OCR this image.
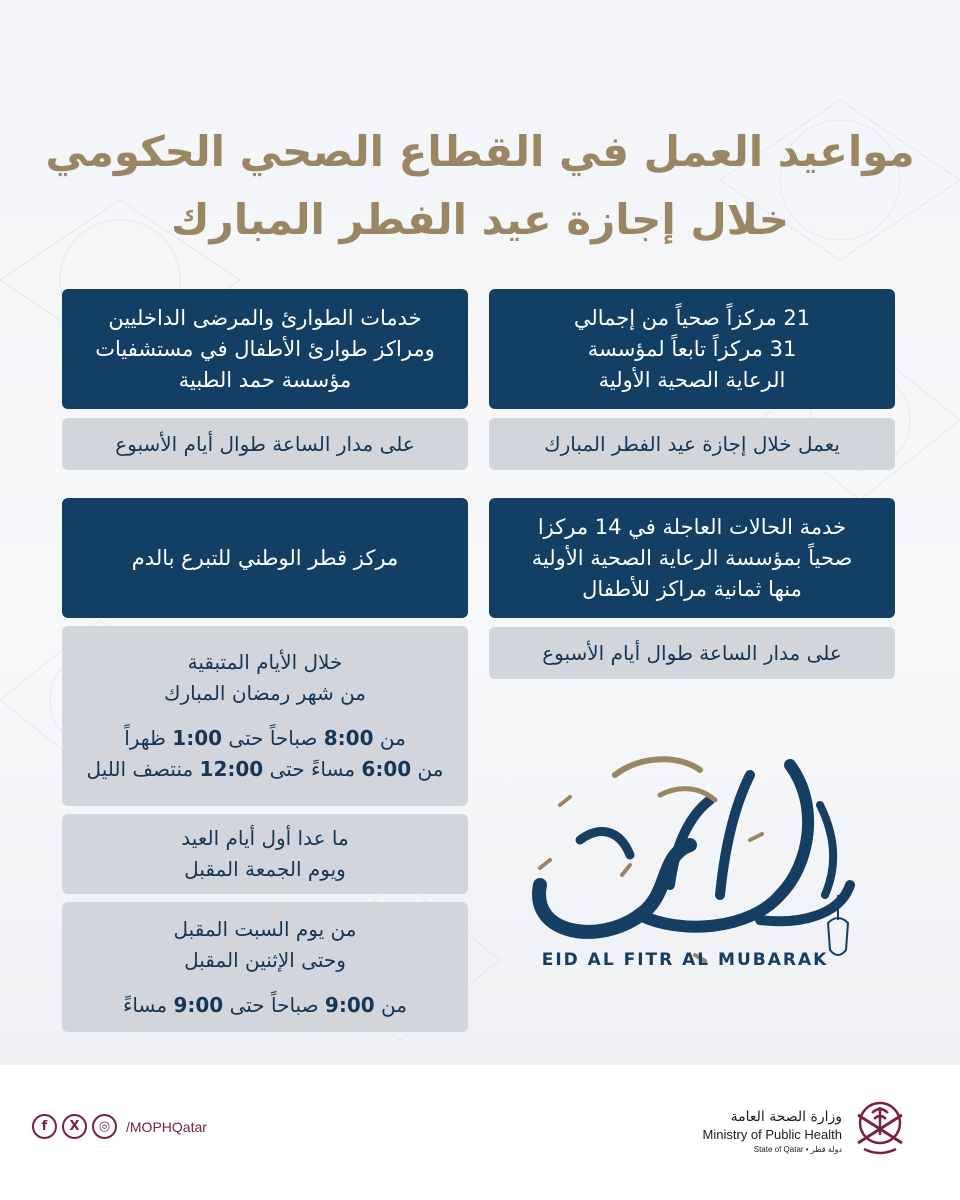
مواعيد العمل في القطاع الصحي الحكومي
خلال إجازة عيد الفطر المبارك
21 مركزاً صحياً من إجمالي
31 مركزاً تابعاً لمؤسسة
الرعاية الصحية الأولية
يعمل خلال إجازة عيد الفطر المبارك
خدمات الطوارئ والمرضى الداخليين
ومراكز طوارئ الأطفال في مستشفيات
مؤسسة حمد الطبية
على مدار الساعة طوال أيام الأسبوع
خدمة الحالات العاجلة في 14 مركزا
صحياً بمؤسسة الرعاية الصحية الأولية
منها ثمانية مراكز للأطفال
على مدار الساعة طوال أيام الأسبوع
مركز قطر الوطني للتبرع بالدم
خلال الأيام المتبقية
من شهر رمضان المبارك
من 8:00 صباحاً حتى 1:00 ظهراً
من 6:00 مساءً حتى 12:00 منتصف الليل
ما عدا أول أيام العيد
ويوم الجمعة المقبل
من يوم السبت المقبل
وحتى الإثنين المقبل
من 9:00 صباحاً حتى 9:00 مساءً
EID AL FITR AL MUBARAK
f	X	◎	/MOPHQatar
وزارة الصحة العامة
Ministry of Public Health
State of Qatar • دولة قطر
